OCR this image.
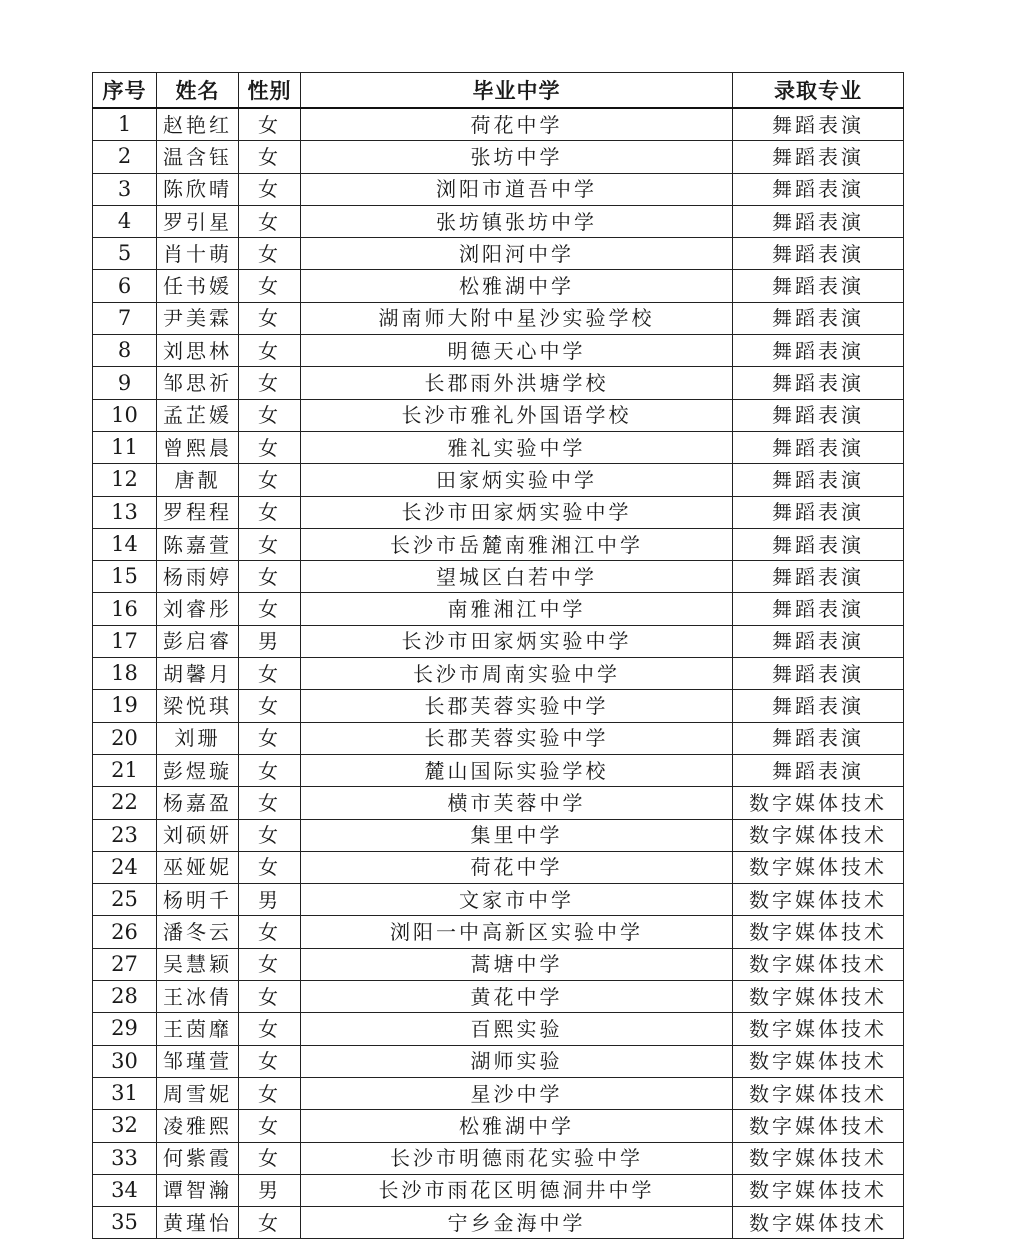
序号	姓名	性别	毕业中学	录取专业
1	赵艳红	女	荷花中学	舞蹈表演
2	温含钰	女	张坊中学	舞蹈表演
3	陈欣晴	女	浏阳市道吾中学	舞蹈表演
4	罗引星	女	张坊镇张坊中学	舞蹈表演
5	肖十萌	女	浏阳河中学	舞蹈表演
6	任书媛	女	松雅湖中学	舞蹈表演
7	尹美霖	女	湖南师大附中星沙实验学校	舞蹈表演
8	刘思林	女	明德天心中学	舞蹈表演
9	邹思祈	女	长郡雨外洪塘学校	舞蹈表演
10	孟芷媛	女	长沙市雅礼外国语学校	舞蹈表演
11	曾熙晨	女	雅礼实验中学	舞蹈表演
12	唐靓	女	田家炳实验中学	舞蹈表演
13	罗程程	女	长沙市田家炳实验中学	舞蹈表演
14	陈嘉萱	女	长沙市岳麓南雅湘江中学	舞蹈表演
15	杨雨婷	女	望城区白若中学	舞蹈表演
16	刘睿彤	女	南雅湘江中学	舞蹈表演
17	彭启睿	男	长沙市田家炳实验中学	舞蹈表演
18	胡馨月	女	长沙市周南实验中学	舞蹈表演
19	梁悦琪	女	长郡芙蓉实验中学	舞蹈表演
20	刘珊	女	长郡芙蓉实验中学	舞蹈表演
21	彭煜璇	女	麓山国际实验学校	舞蹈表演
22	杨嘉盈	女	横市芙蓉中学	数字媒体技术
23	刘硕妍	女	集里中学	数字媒体技术
24	巫娅妮	女	荷花中学	数字媒体技术
25	杨明千	男	文家市中学	数字媒体技术
26	潘冬云	女	浏阳一中高新区实验中学	数字媒体技术
27	吴慧颖	女	蒿塘中学	数字媒体技术
28	王冰倩	女	黄花中学	数字媒体技术
29	王茵靡	女	百熙实验	数字媒体技术
30	邹瑾萱	女	湖师实验	数字媒体技术
31	周雪妮	女	星沙中学	数字媒体技术
32	凌雅熙	女	松雅湖中学	数字媒体技术
33	何紫霞	女	长沙市明德雨花实验中学	数字媒体技术
34	谭智瀚	男	长沙市雨花区明德洞井中学	数字媒体技术
35	黄瑾怡	女	宁乡金海中学	数字媒体技术
